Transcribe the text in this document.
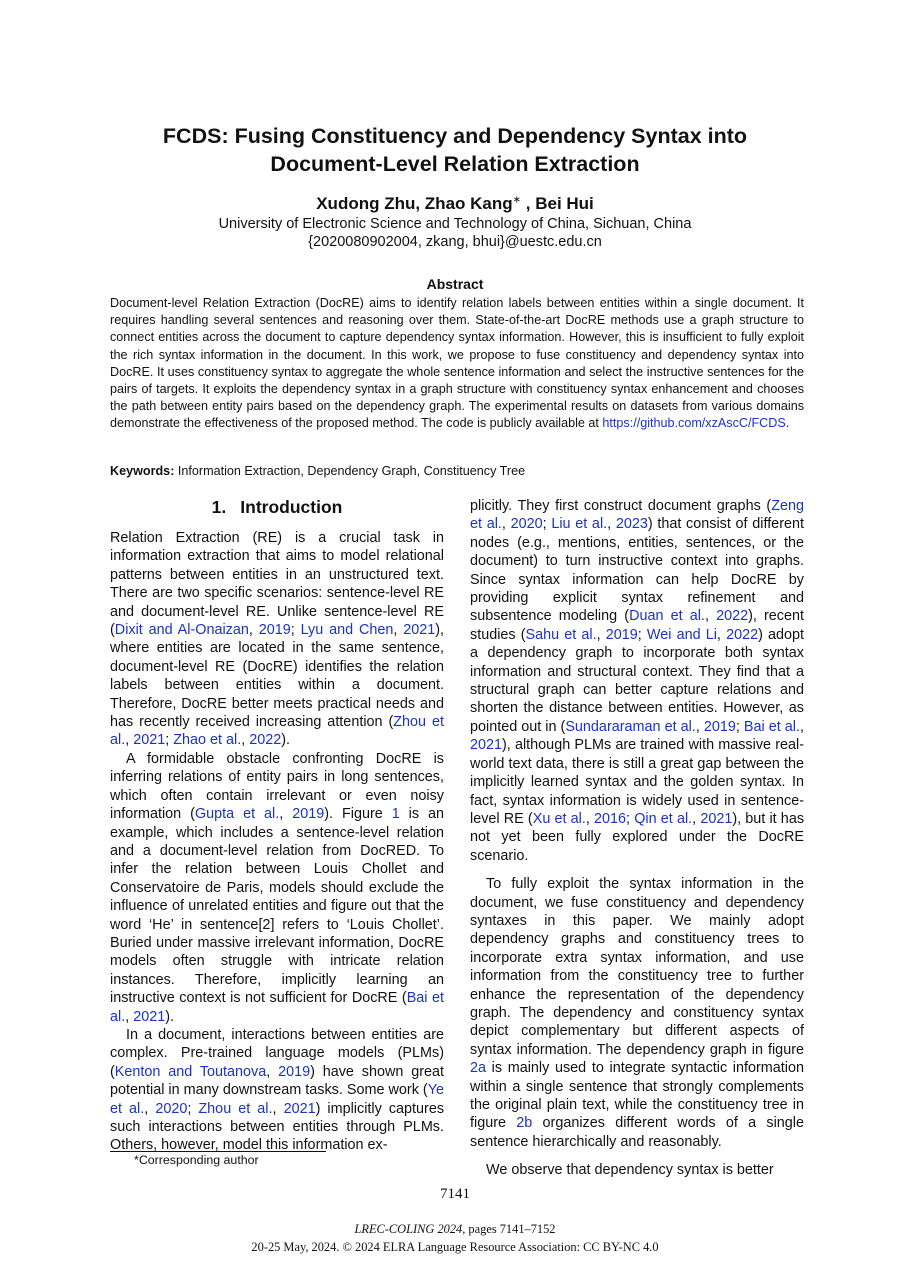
FCDS: Fusing Constituency and Dependency Syntax into
Document-Level Relation Extraction
Xudong Zhu, Zhao Kang∗ , Bei Hui
University of Electronic Science and Technology of China, Sichuan, China
{2020080902004, zkang, bhui}@uestc.edu.cn
Abstract

Document-level Relation Extraction (DocRE) aims to identify relation labels between entities within a single document. It requires handling several sentences and reasoning over them. State-of-the-art DocRE methods use a graph structure to connect entities across the document to capture dependency syntax information. However, this is insufficient to fully exploit the rich syntax information in the document. In this work, we propose to fuse constituency and dependency syntax into DocRE. It uses constituency syntax to aggregate the whole sentence information and select the instructive sentences for the pairs of targets. It exploits the dependency syntax in a graph structure with constituency syntax enhancement and chooses the path between entity pairs based on the dependency graph. The experimental results on datasets from various domains demonstrate the effectiveness of the proposed method. The code is publicly available at https://github.com/xzAscC/FCDS.

Keywords: Information Extraction, Dependency Graph, Constituency Tree
1. Introduction

Relation Extraction (RE) is a crucial task in information extraction that aims to model relational patterns between entities in an unstructured text. There are two specific scenarios: sentence-level RE and document-level RE. Unlike sentence-level RE (Dixit and Al-Onaizan, 2019; Lyu and Chen, 2021), where entities are located in the same sentence, document-level RE (DocRE) identifies the relation labels between entities within a document. Therefore, DocRE better meets practical needs and has recently received increasing attention (Zhou et al., 2021; Zhao et al., 2022).

A formidable obstacle confronting DocRE is inferring relations of entity pairs in long sentences, which often contain irrelevant or even noisy information (Gupta et al., 2019). Figure 1 is an example, which includes a sentence-level relation and a document-level relation from DocRED. To infer the relation between Louis Chollet and Conservatoire de Paris, models should exclude the influence of unrelated entities and figure out that the word ‘He’ in sentence[2] refers to ‘Louis Chollet’. Buried under massive irrelevant information, DocRE models often struggle with intricate relation instances. Therefore, implicitly learning an instructive context is not sufficient for DocRE (Bai et al., 2021).

In a document, interactions between entities are complex. Pre-trained language models (PLMs) (Kenton and Toutanova, 2019) have shown great potential in many downstream tasks. Some work (Ye et al., 2020; Zhou et al., 2021) implicitly captures such interactions between entities through PLMs. Others, however, model this information ex-

plicitly. They first construct document graphs (Zeng et al., 2020; Liu et al., 2023) that consist of different nodes (e.g., mentions, entities, sentences, or the document) to turn instructive context into graphs. Since syntax information can help DocRE by providing explicit syntax refinement and subsentence modeling (Duan et al., 2022), recent studies (Sahu et al., 2019; Wei and Li, 2022) adopt a dependency graph to incorporate both syntax information and structural context. They find that a structural graph can better capture relations and shorten the distance between entities. However, as pointed out in (Sundararaman et al., 2019; Bai et al., 2021), although PLMs are trained with massive real-world text data, there is still a great gap between the implicitly learned syntax and the golden syntax. In fact, syntax information is widely used in sentence-level RE (Xu et al., 2016; Qin et al., 2021), but it has not yet been fully explored under the DocRE scenario.

To fully exploit the syntax information in the document, we fuse constituency and dependency syntaxes in this paper. We mainly adopt dependency graphs and constituency trees to incorporate extra syntax information, and use information from the constituency tree to further enhance the representation of the dependency graph. The dependency and constituency syntax depict complementary but different aspects of syntax information. The dependency graph in figure 2a is mainly used to integrate syntactic information within a single sentence that strongly complements the original plain text, while the constituency tree in figure 2b organizes different words of a single sentence hierarchically and reasonably.

We observe that dependency syntax is better

*Corresponding author
7141
LREC-COLING 2024, pages 7141–7152
20-25 May, 2024. © 2024 ELRA Language Resource Association: CC BY-NC 4.0
